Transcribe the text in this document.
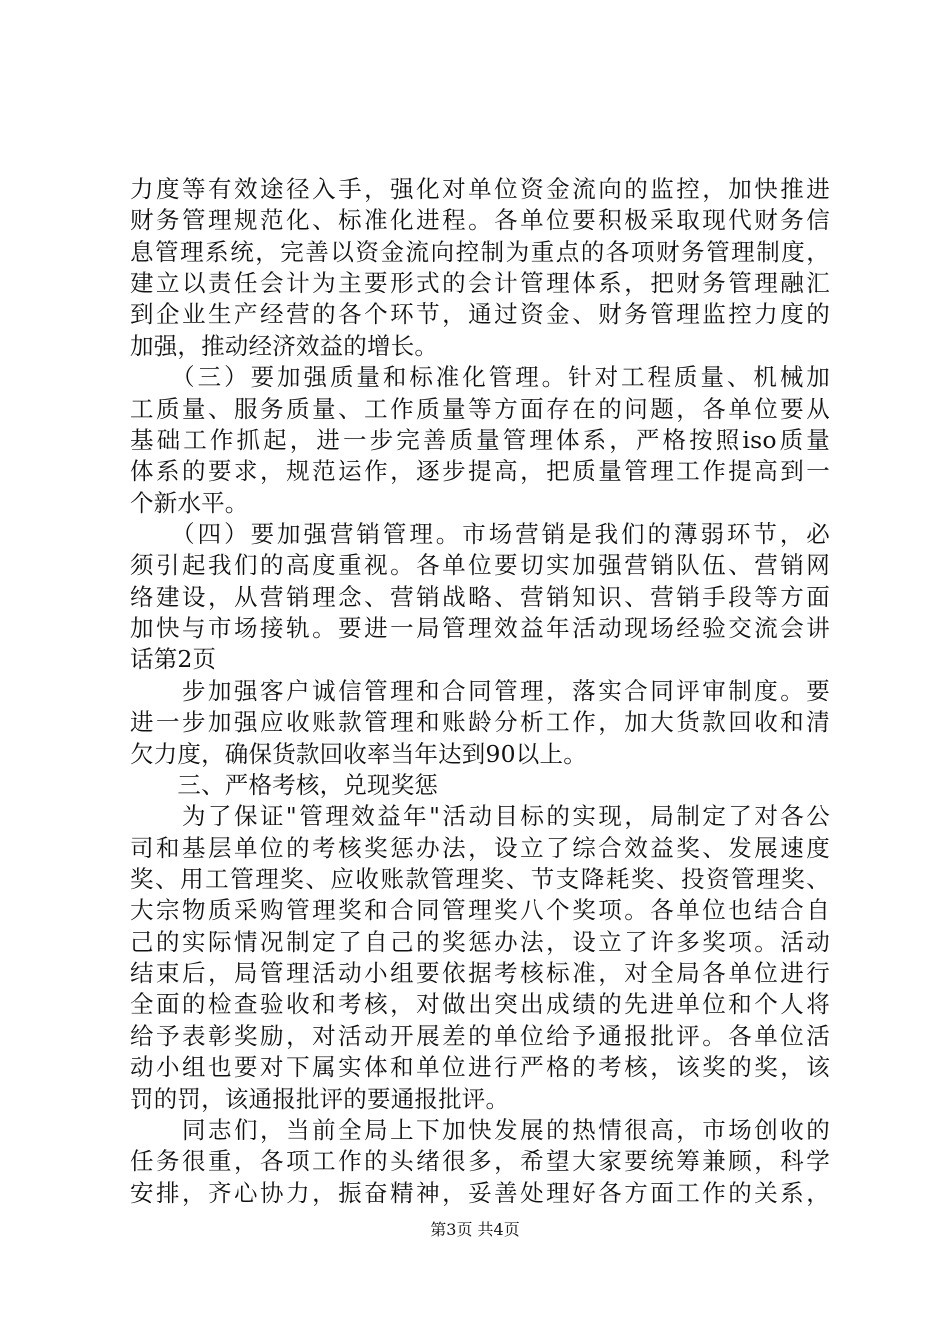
力度等有效途径入手，强化对单位资金流向的监控，加快推进
财务管理规范化、标准化进程。各单位要积极采取现代财务信
息管理系统，完善以资金流向控制为重点的各项财务管理制度，
建立以责任会计为主要形式的会计管理体系，把财务管理融汇
到企业生产经营的各个环节，通过资金、财务管理监控力度的
加强，推动经济效益的增长。
　　（三）要加强质量和标准化管理。针对工程质量、机械加
工质量、服务质量、工作质量等方面存在的问题，各单位要从
基础工作抓起，进一步完善质量管理体系，严格按照iso质量
体系的要求，规范运作，逐步提高，把质量管理工作提高到一
个新水平。
　　（四）要加强营销管理。市场营销是我们的薄弱环节，必
须引起我们的高度重视。各单位要切实加强营销队伍、营销网
络建设，从营销理念、营销战略、营销知识、营销手段等方面
加快与市场接轨。要进一局管理效益年活动现场经验交流会讲
话第2页
　　步加强客户诚信管理和合同管理，落实合同评审制度。要
进一步加强应收账款管理和账龄分析工作，加大货款回收和清
欠力度，确保货款回收率当年达到90以上。
　　三、严格考核，兑现奖惩
　　为了保证"管理效益年"活动目标的实现，局制定了对各公
司和基层单位的考核奖惩办法，设立了综合效益奖、发展速度
奖、用工管理奖、应收账款管理奖、节支降耗奖、投资管理奖、
大宗物质采购管理奖和合同管理奖八个奖项。各单位也结合自
己的实际情况制定了自己的奖惩办法，设立了许多奖项。活动
结束后，局管理活动小组要依据考核标准，对全局各单位进行
全面的检查验收和考核，对做出突出成绩的先进单位和个人将
给予表彰奖励，对活动开展差的单位给予通报批评。各单位活
动小组也要对下属实体和单位进行严格的考核，该奖的奖，该
罚的罚，该通报批评的要通报批评。
　　同志们，当前全局上下加快发展的热情很高，市场创收的
任务很重，各项工作的头绪很多，希望大家要统筹兼顾，科学
安排，齐心协力，振奋精神，妥善处理好各方面工作的关系，
第3页 共4页
